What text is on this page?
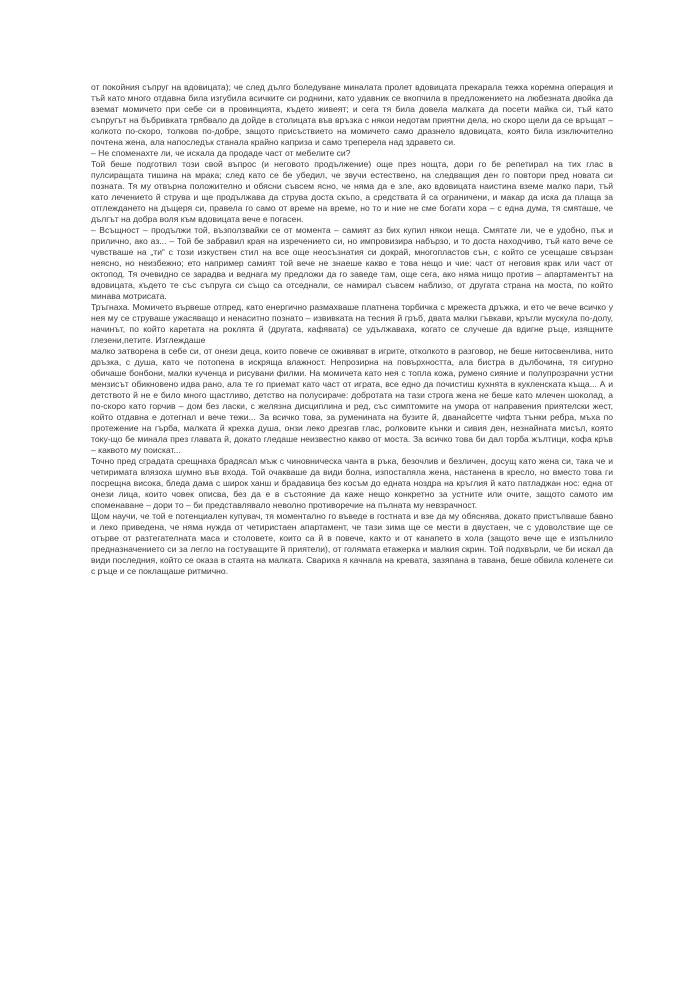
от покойния съпруг на вдовицата); че след дълго боледуване миналата пролет вдовицата прекарала тежка коремна операция и тъй като много отдавна била изгубила всичките си роднини, като удавник се вкопчила в предложението на любезната двойка да вземат момичето при себе си в провинцията, където живеят; и сега тя била довела малката да посети майка си, тъй като съпругът на бъбривката трябвало да дойде в столицата във връзка с някои недотам приятни дела, но скоро щели да се връщат – колкото по-скоро, толкова по-добре, защото присъствието на момичето само дразнело вдовицата, която била изключително почтена жена, ала напоследък станала крайно каприза и само треперела над здравето си.

– Не споменахте ли, че искала да продаде част от мебелите си?

Той беше подготвил този свой въпрос (и неговото продължение) още през нощта, дори го бе репетирал на тих глас в пулсиращата тишина на мрака; след като се бе убедил, че звучи естествено, на следващия ден го повтори пред новата си позната. Тя му отвърна положително и обясни съвсем ясно, че няма да е зле, ако вдовицата наистина вземе малко пари, тъй като лечението й струва и ще продължава да струва доста скъпо, а средствата й са ограничени, и макар да иска да плаща за отглеждането на дъщеря си, правела го само от време на време, но то и ние не сме богати хора – с една дума, тя смяташе, че дългът на добра воля към вдовицата вече е погасен.

– Всъщност – продължи той, възползвайки се от момента – самият аз бих купил някои неща. Смятате ли, че е удобно, пък и прилично, ако аз... – Той бе забравил края на изречението си, но импровизира набързо, и то доста находчиво, тъй като вече се чувстваше на „ти“ с този изкуствен стил на все още неосъзнатия си докрай, многопластов сън, с който се усещаше свързан неясно, но неизбежно; ето например самият той вече не знаеше какво е това нещо и чие: част от неговия крак или част от октопод. Тя очевидно се зарадва и веднага му предложи да го заведе там, още сега, ако няма нищо против – апартаментът на вдовицата, където те със съпруга си също са отседнали, се намирал съвсем наблизо, от другата страна на моста, по който минава мотрисата.

Тръгнаха. Момичето вървеше отпред, като енергично размахваше платнена торбичка с мрежеста дръжка, и ето че вече всичко у нея му се струваше ужасяващо и ненаситно познато – извивката на тесния й гръб, двата малки гъвкави, кръгли мускула по-долу, начинът, по който каретата на роклята й (другата, кафявата) се удължаваха, когато се случеше да вдигне ръце, изящните глезени,петите. Изглеждаше

малко затворена в себе си, от онези деца, които повече се оживяват в игрите, отколкото в разговор, не беше нитосвенлива, нито дръзка, с душа, като че потопена в искряща влажност. Непрозирна на повърхността, ала бистра в дълбочина, тя сигурно обичаше бонбони, малки кученца и рисувани филми. На момичета като нея с топла кожа, румено сияние и полупрозрачни устни мензисът обикновено идва рано, ала те го приемат като част от играта, все едно да почистиш кухнята в кукленската къща... А и детството й не е било много щастливо, детство на полусираче: добротата на тази строга жена не беше като млечен шоколад, а по-скоро като горчив – дом без ласки, с желязна дисциплина и ред, със симптомите на умора от направения приятелски жест, който отдавна е дотегнал и вече тежи... За всичко това, за руменината на бузите й, дванайсетте чифта тънки ребра, мъха по протежение на гърба, малката й крехка душа, онзи леко дрезгав глас, ролковите кънки и сивия ден, незнайната мисъл, която току-що бе минала през главата й, докато гледаше неизвестно какво от моста. За всичко това би дал торба жълтици, кофа кръв – каквото му поискат...

Точно пред сградата срещнаха брадясал мъж с чиновническа чанта в ръка, безочлив и безличен, досущ като жена си, така че и четиримата влязоха шумно във входа. Той очакваше да види болна, изпосталяла жена, настанена в кресло, но вместо това ги посрещна висока, бледа дама с широк ханш и брадавица без косъм до едната ноздра на кръглия й като патладжан нос: една от онези лица, които човек описва, без да е в състояние да каже нещо конкретно за устните или очите, защото самото им споменаване – дори то – би представлявало неволно противоречие на пълната му невзрачност.

Щом научи, че той е потенциален купувач, тя моментално го въведе в гостната и взе да му обяснява, докато пристъпваше бавно и леко приведена, че няма нужда от четиристаен апартамент, че тази зима ще се мести в двустаен, че с удоволствие ще се отърве от разтегателната маса и столовете, които са й в повече, както и от канапето в хола (защото вече ще е изпълнило предназначението си за легло на гостуващите й приятели), от голямата етажерка и малкия скрин. Той подхвърли, че би искал да види последния, който се оказа в стаята на малката. Свариха я качнала на кревата, зазяпана в тавана, беше обвила коленете си с ръце и се поклащаше ритмично.
